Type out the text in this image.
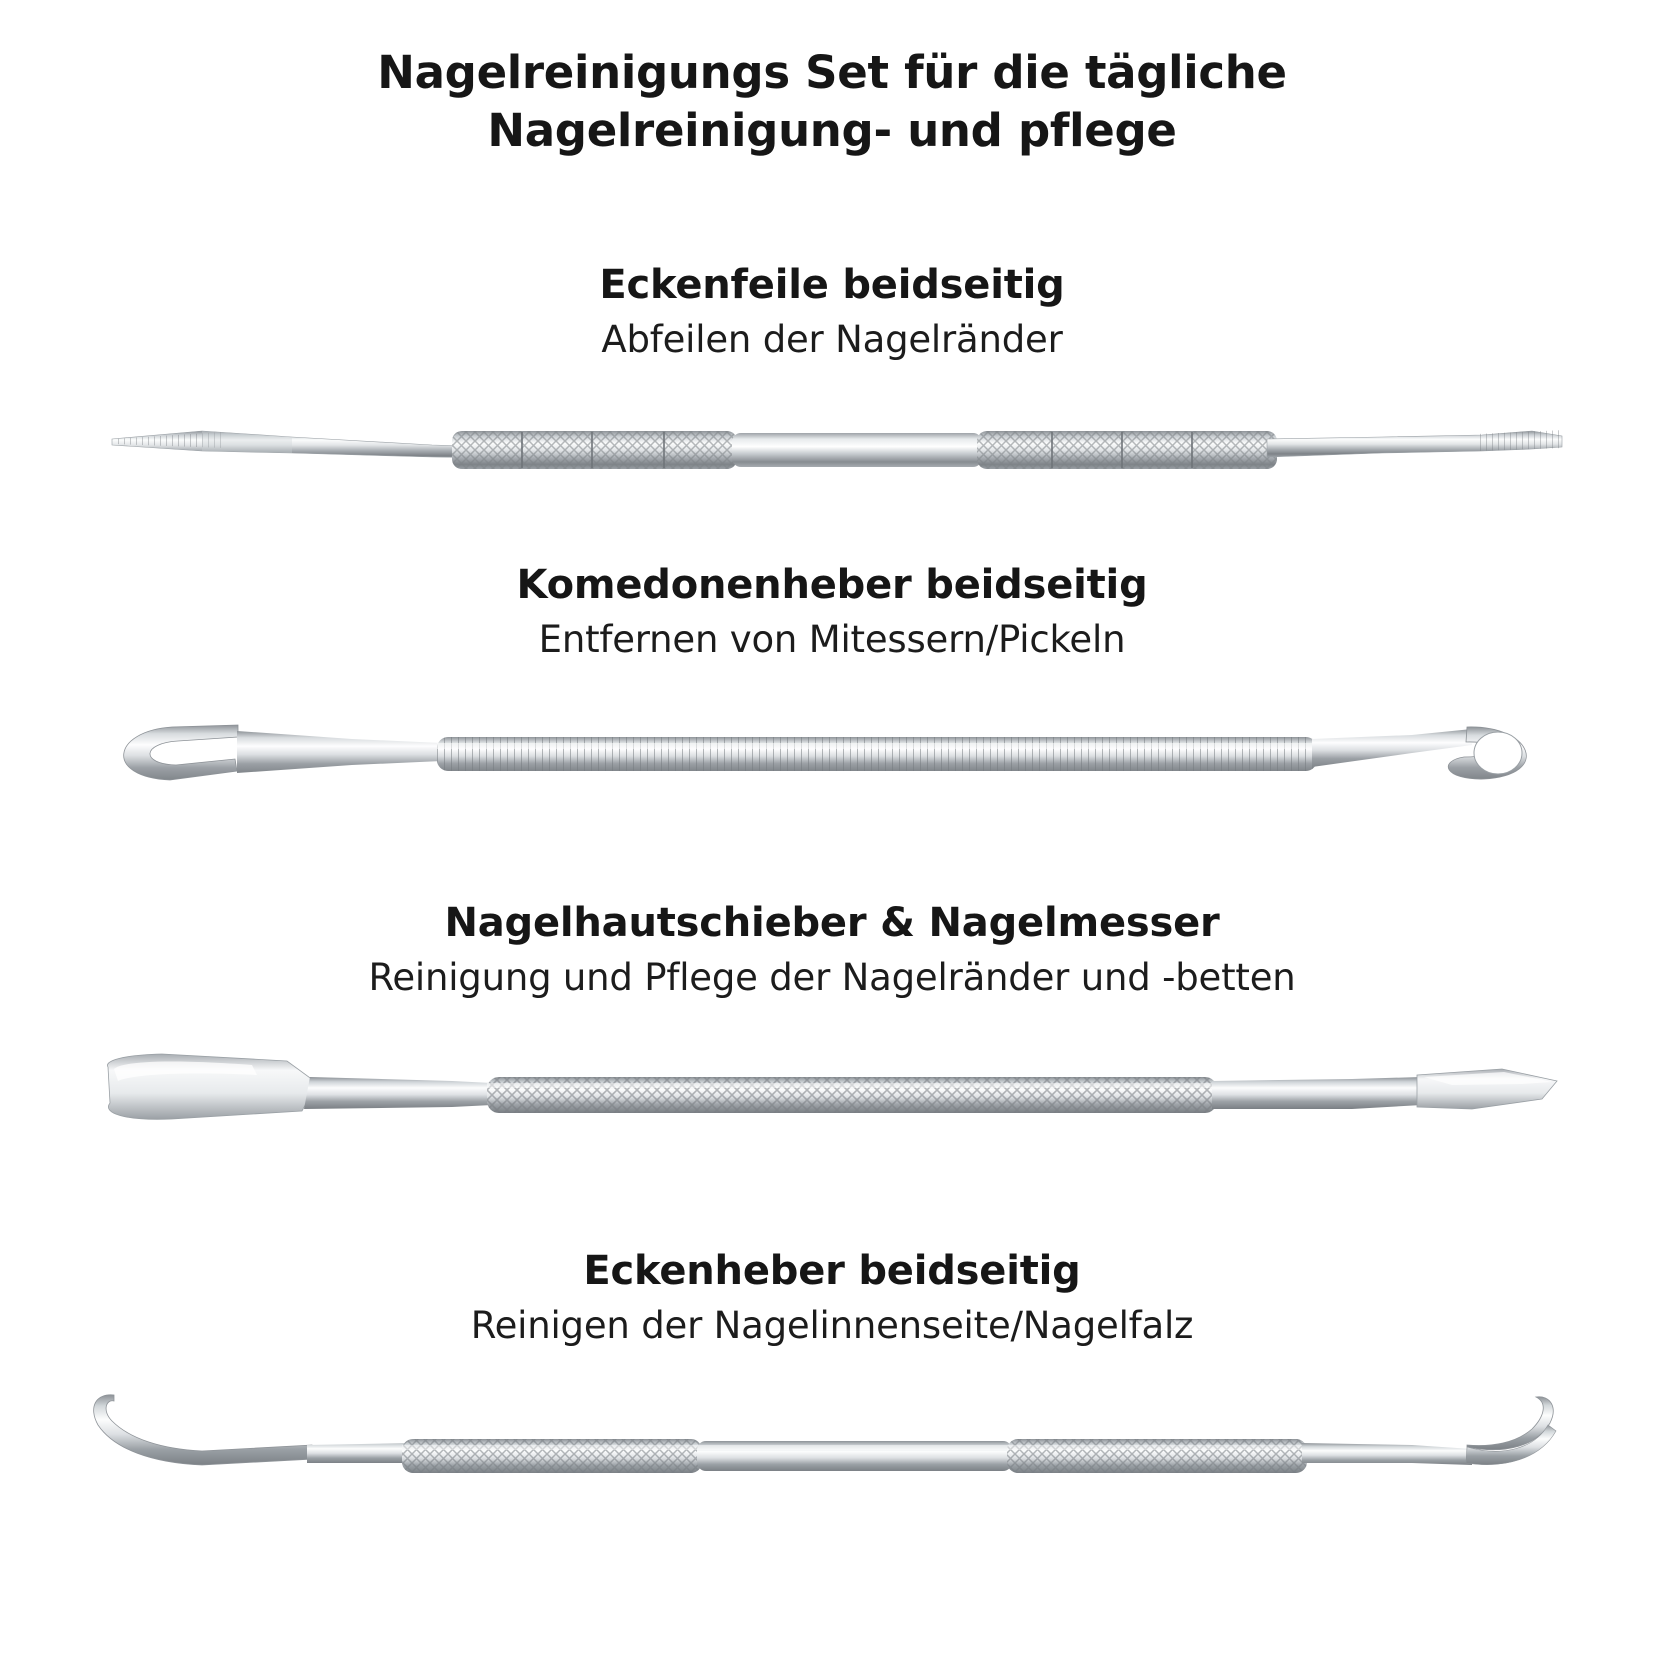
Nagelreinigungs Set für die tägliche
Nagelreinigung- und pflege
Eckenfeile beidseitig

Abfeilen der Nagelränder

Komedonenheber beidseitig

Entfernen von Mitessern/Pickeln

Nagelhautschieber & Nagelmesser

Reinigung und Pflege der Nagelränder und -betten

Eckenheber beidseitig

Reinigen der Nagelinnenseite/Nagelfalz
